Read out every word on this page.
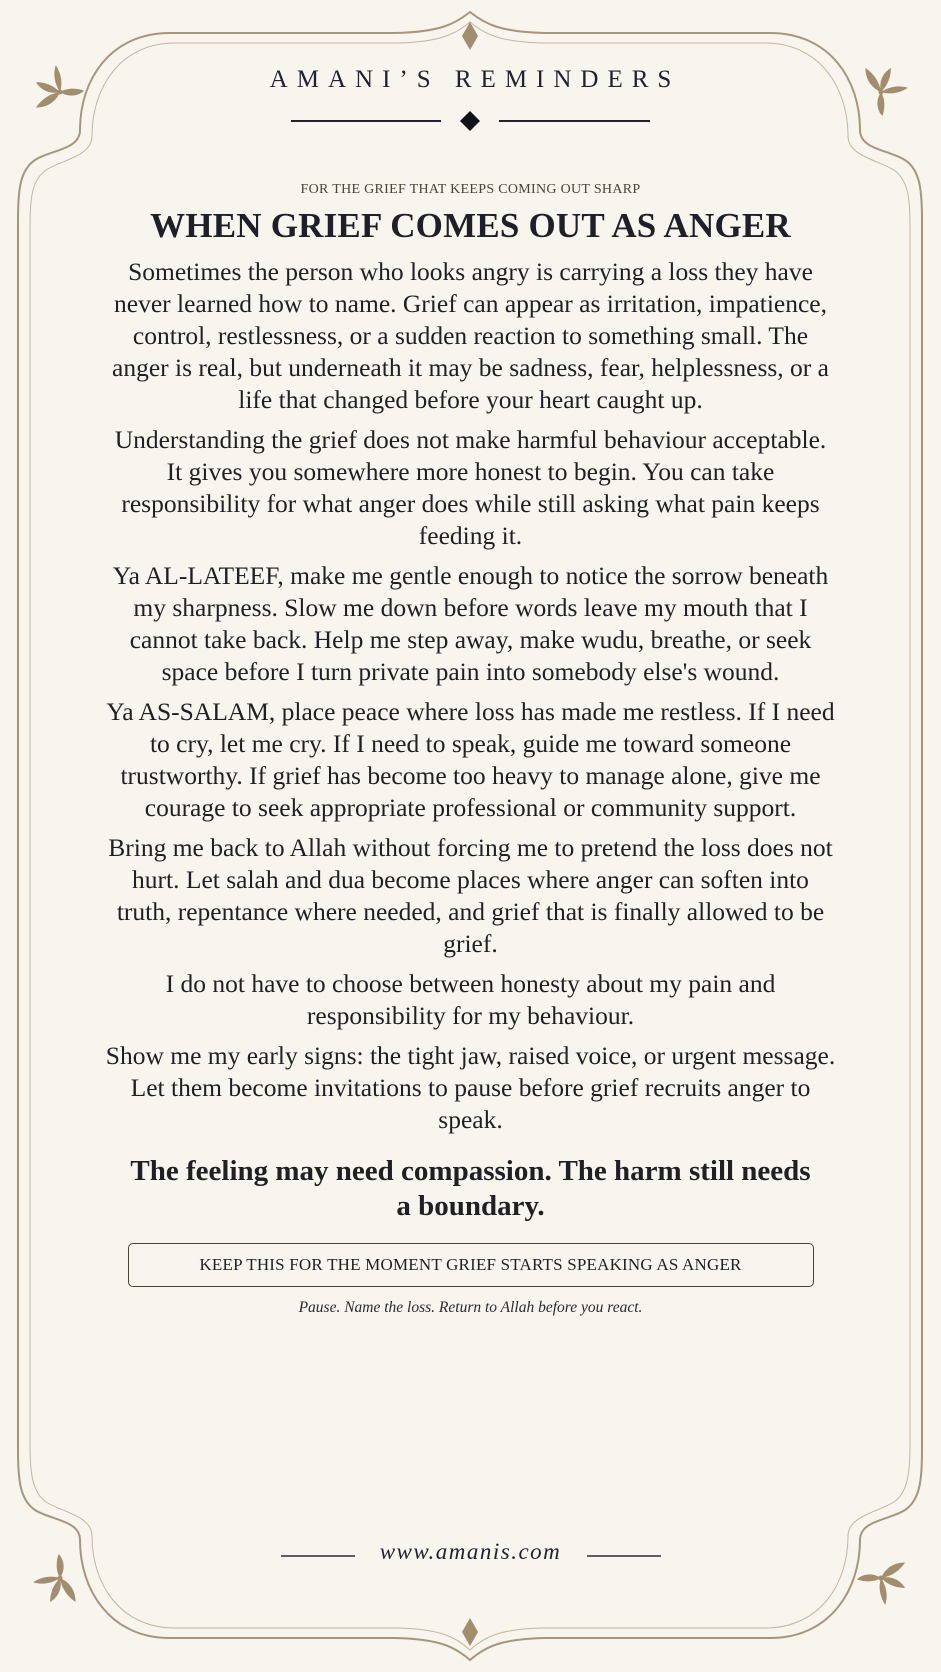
AMANI’S REMINDERS
FOR THE GRIEF THAT KEEPS COMING OUT SHARP
WHEN GRIEF COMES OUT AS ANGER

Sometimes the person who looks angry is carrying a loss they have never learned how to name. Grief can appear as irritation, impatience, control, restlessness, or a sudden reaction to something small. The anger is real, but underneath it may be sadness, fear, helplessness, or a life that changed before your heart caught up.

Understanding the grief does not make harmful behaviour acceptable. It gives you somewhere more honest to begin. You can take responsibility for what anger does while still asking what pain keeps feeding it.

Ya AL-LATEEF, make me gentle enough to notice the sorrow beneath my sharpness. Slow me down before words leave my mouth that I cannot take back. Help me step away, make wudu, breathe, or seek space before I turn private pain into somebody else's wound.

Ya AS-SALAM, place peace where loss has made me restless. If I need to cry, let me cry. If I need to speak, guide me toward someone trustworthy. If grief has become too heavy to manage alone, give me courage to seek appropriate professional or community support.

Bring me back to Allah without forcing me to pretend the loss does not hurt. Let salah and dua become places where anger can soften into truth, repentance where needed, and grief that is finally allowed to be grief.

I do not have to choose between honesty about my pain and responsibility for my behaviour.

Show me my early signs: the tight jaw, raised voice, or urgent message. Let them become invitations to pause before grief recruits anger to speak.

The feeling may need compassion. The harm still needs a boundary.
KEEP THIS FOR THE MOMENT GRIEF STARTS SPEAKING AS ANGER
Pause. Name the loss. Return to Allah before you react.
www.amanis.com
